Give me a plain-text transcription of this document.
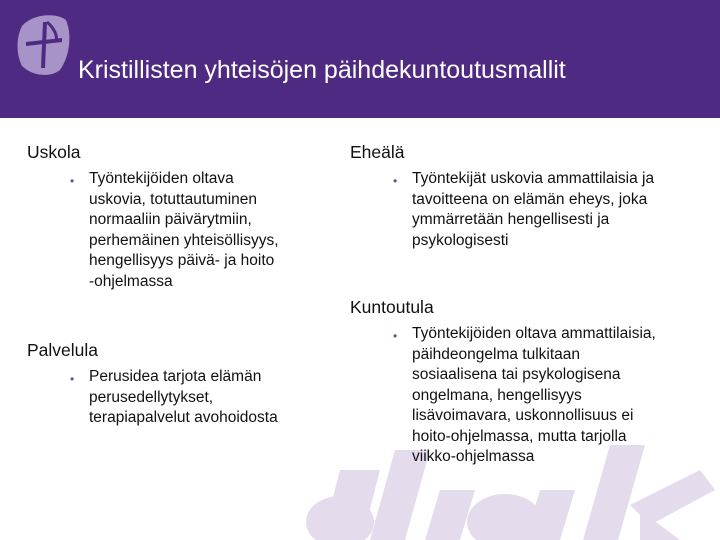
Kristillisten yhteisöjen päihdekuntoutusmallit
Uskola
• Työntekijöiden oltava
uskovia, totuttautuminen
normaaliin päivärytmiin,
perhemäinen yhteisöllisyys,
hengellisyys päivä- ja hoito
-ohjelmassa
Palvelula
• Perusidea tarjota elämän
perusedellytykset,
terapiapalvelut avohoidosta
Eheälä
• Työntekijät uskovia ammattilaisia ja
tavoitteena on elämän eheys, joka
ymmärretään hengellisesti ja
psykologisesti
Kuntoutula
• Työntekijöiden oltava ammattilaisia,
päihdeongelma tulkitaan
sosiaalisena tai psykologisena
ongelmana, hengellisyys
lisävoimavara, uskonnollisuus ei
hoito-ohjelmassa, mutta tarjolla
viikko-ohjelmassa
